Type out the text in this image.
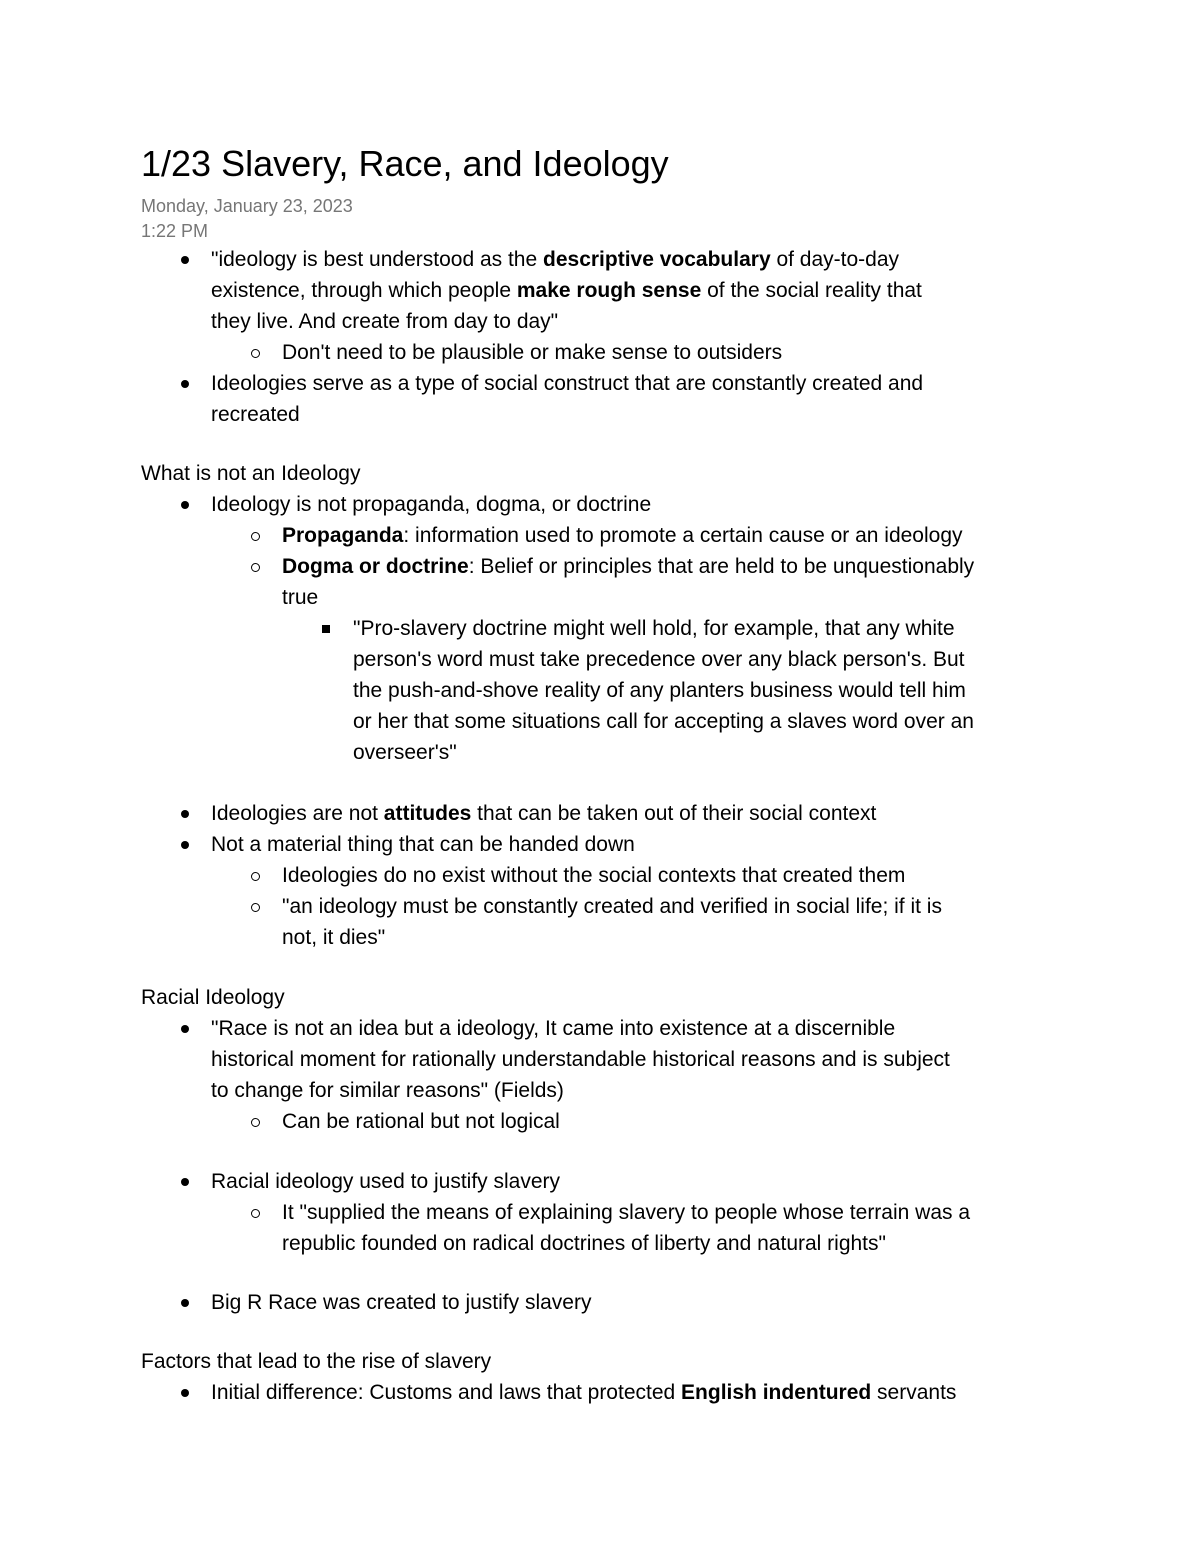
1/23 Slavery, Race, and Ideology
Monday, January 23, 2023
1:22 PM
"ideology is best understood as the descriptive vocabulary of day-to-day
existence, through which people make rough sense of the social reality that
they live. And create from day to day"
Don't need to be plausible or make sense to outsiders
Ideologies serve as a type of social construct that are constantly created and
recreated
What is not an Ideology
Ideology is not propaganda, dogma, or doctrine
Propaganda: information used to promote a certain cause or an ideology
Dogma or doctrine: Belief or principles that are held to be unquestionably
true
"Pro-slavery doctrine might well hold, for example, that any white
person's word must take precedence over any black person's. But
the push-and-shove reality of any planters business would tell him
or her that some situations call for accepting a slaves word over an
overseer's"
Ideologies are not attitudes that can be taken out of their social context
Not a material thing that can be handed down
Ideologies do no exist without the social contexts that created them
"an ideology must be constantly created and verified in social life; if it is
not, it dies"
Racial Ideology
"Race is not an idea but a ideology, It came into existence at a discernible
historical moment for rationally understandable historical reasons and is subject
to change for similar reasons" (Fields)
Can be rational but not logical
Racial ideology used to justify slavery
It "supplied the means of explaining slavery to people whose terrain was a
republic founded on radical doctrines of liberty and natural rights"
Big R Race was created to justify slavery
Factors that lead to the rise of slavery
Initial difference: Customs and laws that protected English indentured servants
